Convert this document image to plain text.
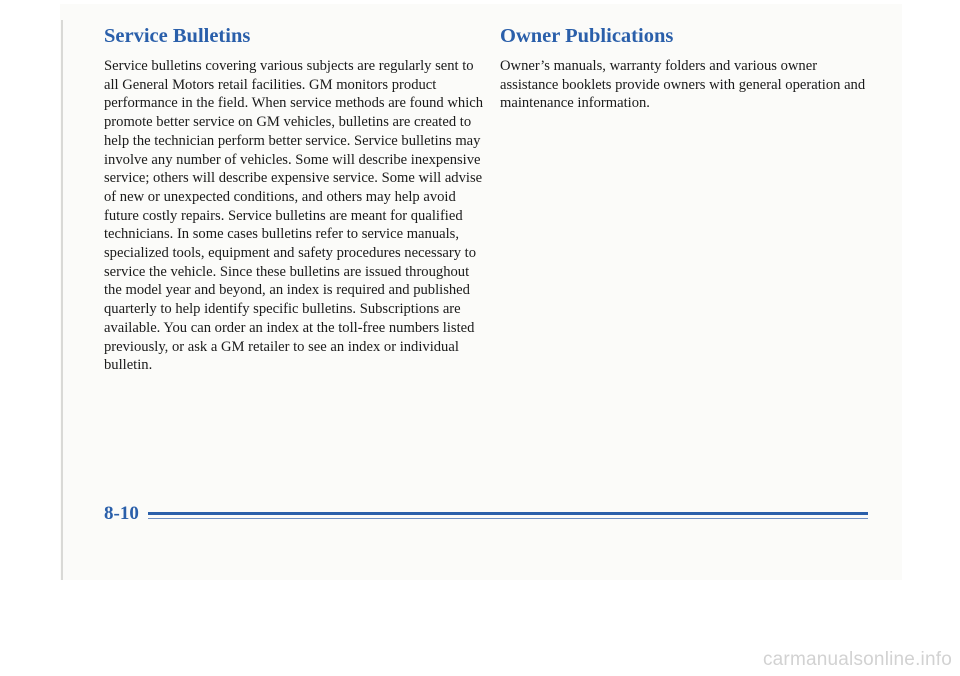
Service Bulletins

Service bulletins covering various subjects are regularly sent to all General Motors retail facilities. GM monitors product performance in the field. When service methods are found which promote better service on GM vehicles, bulletins are created to help the technician perform better service. Service bulletins may involve any number of vehicles. Some will describe inexpensive service; others will describe expensive service. Some will advise of new or unexpected conditions, and others may help avoid future costly repairs. Service bulletins are meant for qualified technicians. In some cases bulletins refer to service manuals, specialized tools, equipment and safety procedures necessary to service the vehicle. Since these bulletins are issued throughout the model year and beyond, an index is required and published quarterly to help identify specific bulletins. Subscriptions are available. You can order an index at the toll-free numbers listed previously, or ask a GM retailer to see an index or individual bulletin.

Owner Publications

Owner’s manuals, warranty folders and various owner assistance booklets provide owners with general operation and maintenance information.

8-10
carmanualsonline.info
